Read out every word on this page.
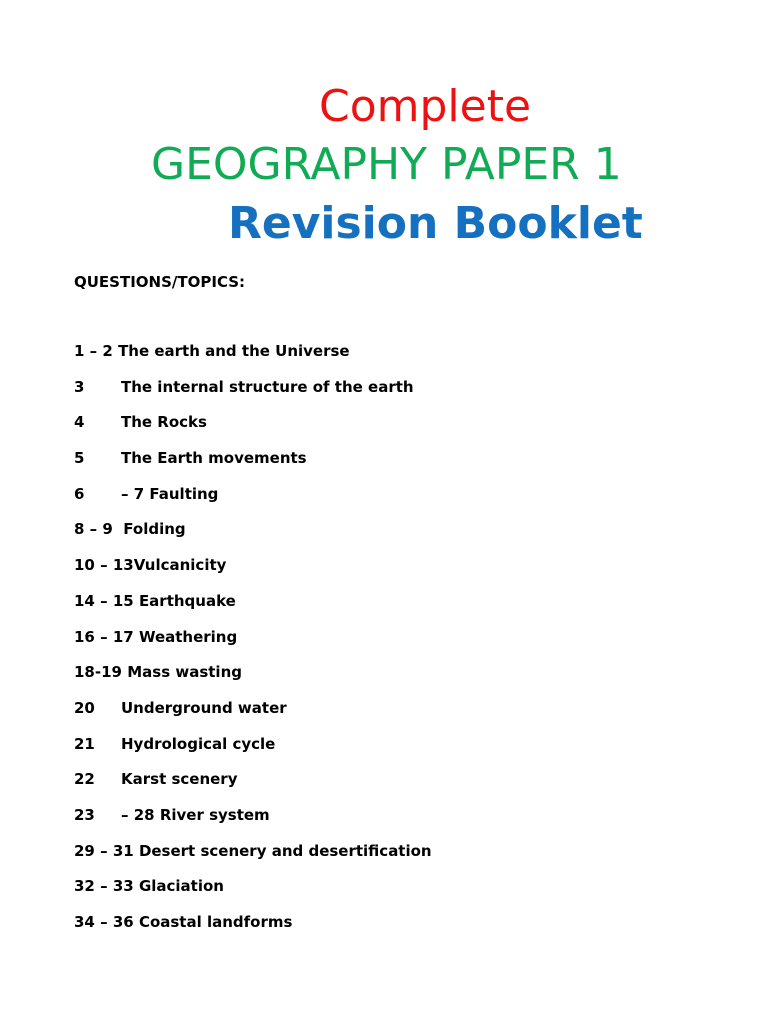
Complete
GEOGRAPHY PAPER 1
Revision Booklet
QUESTIONS/TOPICS:
1 – 2 The earth and the Universe
3 The internal structure of the earth
4 The Rocks
5 The Earth movements
6 – 7 Faulting
8 – 9 Folding
10 – 13Vulcanicity
14 – 15 Earthquake
16 – 17 Weathering
18-19 Mass wasting
20 Underground water
21 Hydrological cycle
22 Karst scenery
23 – 28 River system
29 – 31 Desert scenery and desertification
32 – 33 Glaciation
34 – 36 Coastal landforms
